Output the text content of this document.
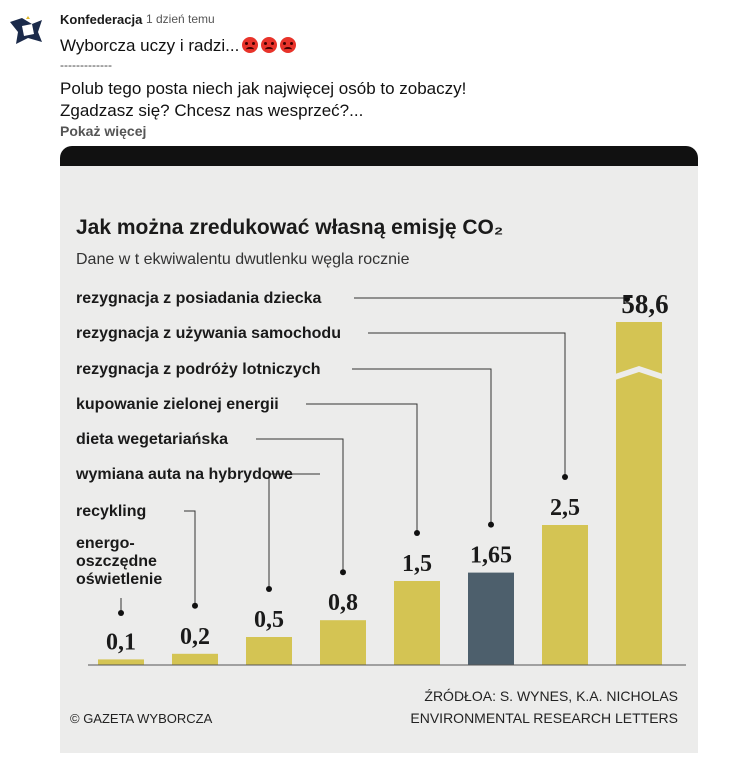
Konfederacja 1 dzień temu
Wyborcza uczy i radzi...
-------------
Polub tego posta niech jak najwięcej osób to zobaczy!
Zgadzasz się? Chcesz nas wesprzeć?...
Pokaż więcej
Jak można zredukować własną emisję CO₂
Dane w t ekwiwalentu dwutlenku węgla rocznie
energo-oszczędne oświetlenie
recykling
wymiana auta na hybrydowe
dieta wegetariańska
kupowanie zielonej energii
rezygnacja z podróży lotniczych
rezygnacja z używania samochodu
rezygnacja z posiadania dziecka
0,1 0,2
0,5
0,8
1,5 1,65
2,5
58,6
© GAZETA WYBORCZA
ŹRÓDŁOA: S. WYNES, K.A. NICHOLAS
ENVIRONMENTAL RESEARCH LETTERS
